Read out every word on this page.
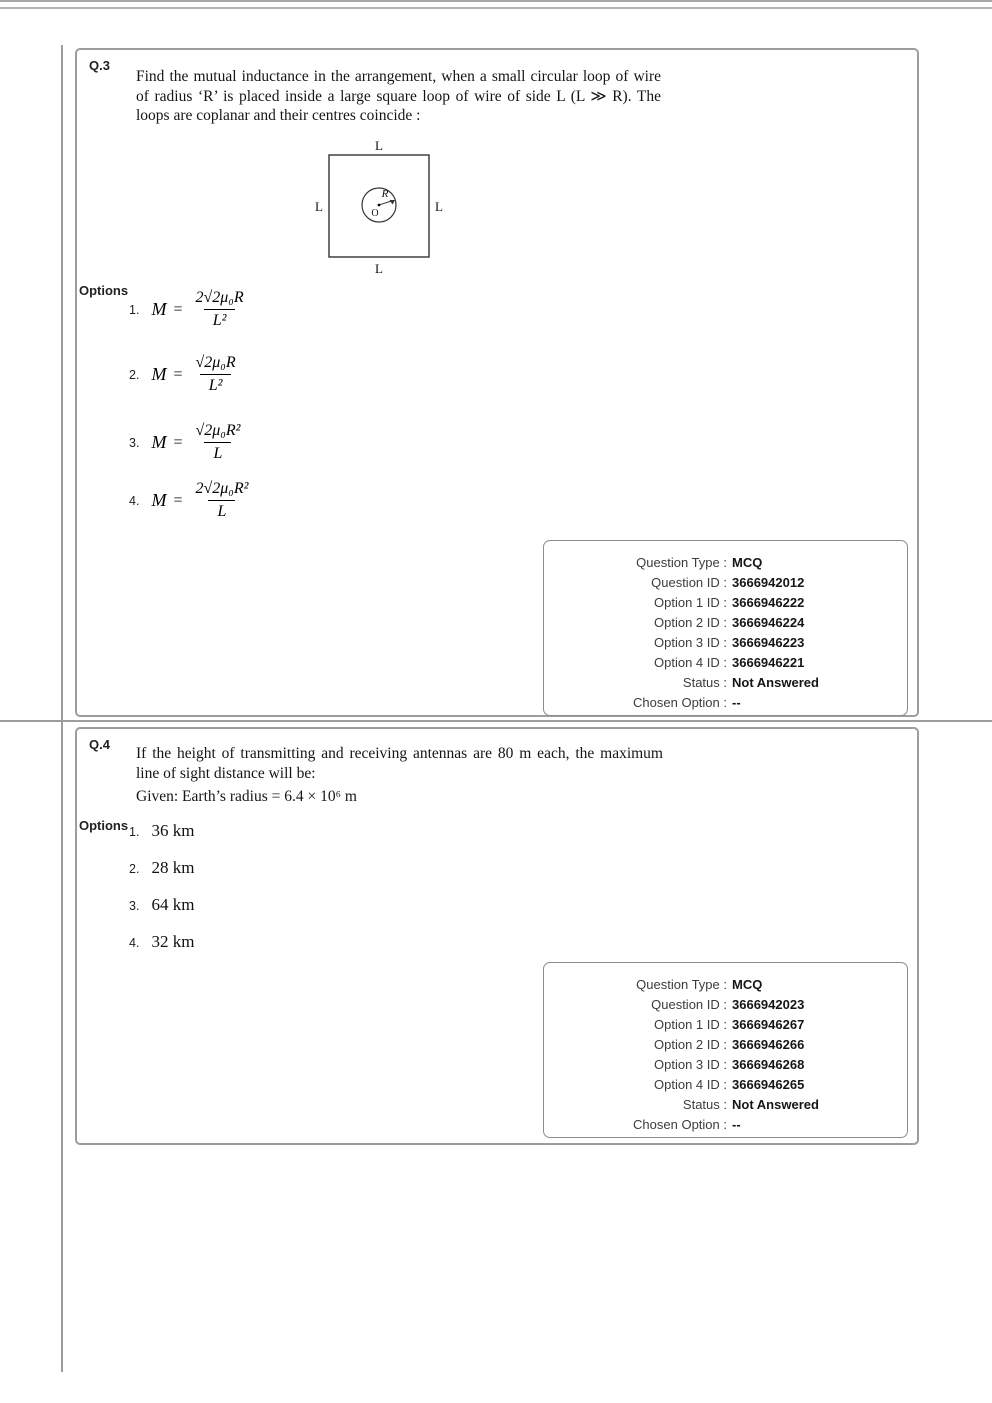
Q.3
Find the mutual inductance in the arrangement, when a small circular loop of wire of radius ‘R’ is placed inside a large square loop of wire of side L (L ≫ R). The loops are coplanar and their centres coincide :
L
L	L
L
R
O
Options
1. $M = \frac{\text{2√2μ₀R}}{\text{L²}}$
2. $M = \frac{\text{√2μ₀R}}{\text{L²}}$
3. $M = \frac{\text{√2μ₀R²}}{L}$
4. $M = \frac{\text{2√2μ₀R²}}{L}$
Question Type : MCQ
Question ID : 3666942012
Option 1 ID : 3666946222
Option 2 ID : 3666946224
Option 3 ID : 3666946223
Option 4 ID : 3666946221
Status : Not Answered
Chosen Option : --
Q.4
If the height of transmitting and receiving antennas are 80 m each, the maximum line of sight distance will be:
Given: Earth’s radius = 6.4 × 10⁶ m
Options 1. 36 km
2. 28 km
3. 64 km
4. 32 km
Question Type : MCQ
Question ID : 3666942023
Option 1 ID : 3666946267
Option 2 ID : 3666946266
Option 3 ID : 3666946268
Option 4 ID : 3666946265
Status : Not Answered
Chosen Option : --
